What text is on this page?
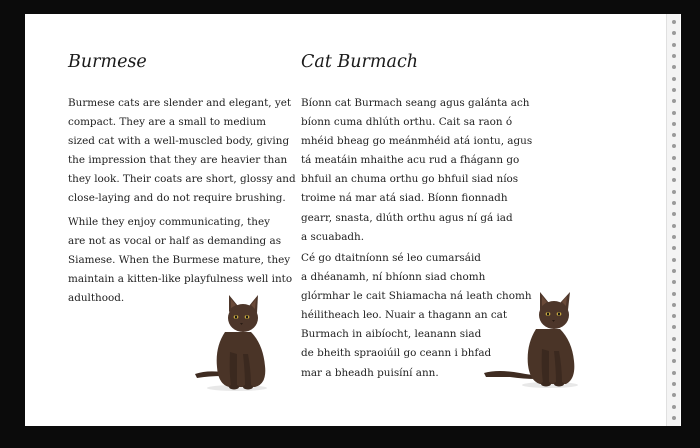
Burmese
Burmese cats are slender and elegant, yet
compact. They are a small to medium
sized cat with a well-muscled body, giving
the impression that they are heavier than
they look. Their coats are short, glossy and
close-laying and do not require brushing.
While they enjoy communicating, they
are not as vocal or half as demanding as
Siamese. When the Burmese mature, they
maintain a kitten-like playfulness well into
adulthood.
Cat Burmach
Bíonn cat Burmach seang agus galánta ach
bíonn cuma dhlúth orthu. Cait sa raon ó
mhéid bheag go meánmhéid atá iontu, agus
tá meatáin mhaithe acu rud a fhágann go
bhfuil an chuma orthu go bhfuil siad níos
troime ná mar atá siad. Bíonn fionnadh
gearr, snasta, dlúth orthu agus ní gá iad
a scuabadh.
Cé go dtaitníonn sé leo cumarsáid
a dhéanamh, ní bhíonn siad chomh
glórmhar le cait Shiamacha ná leath chomh
héilitheach leo. Nuair a thagann an cat
Burmach in aibíocht, leanann siad
de bheith spraoiúil go ceann i bhfad
mar a bheadh puisíní ann.
